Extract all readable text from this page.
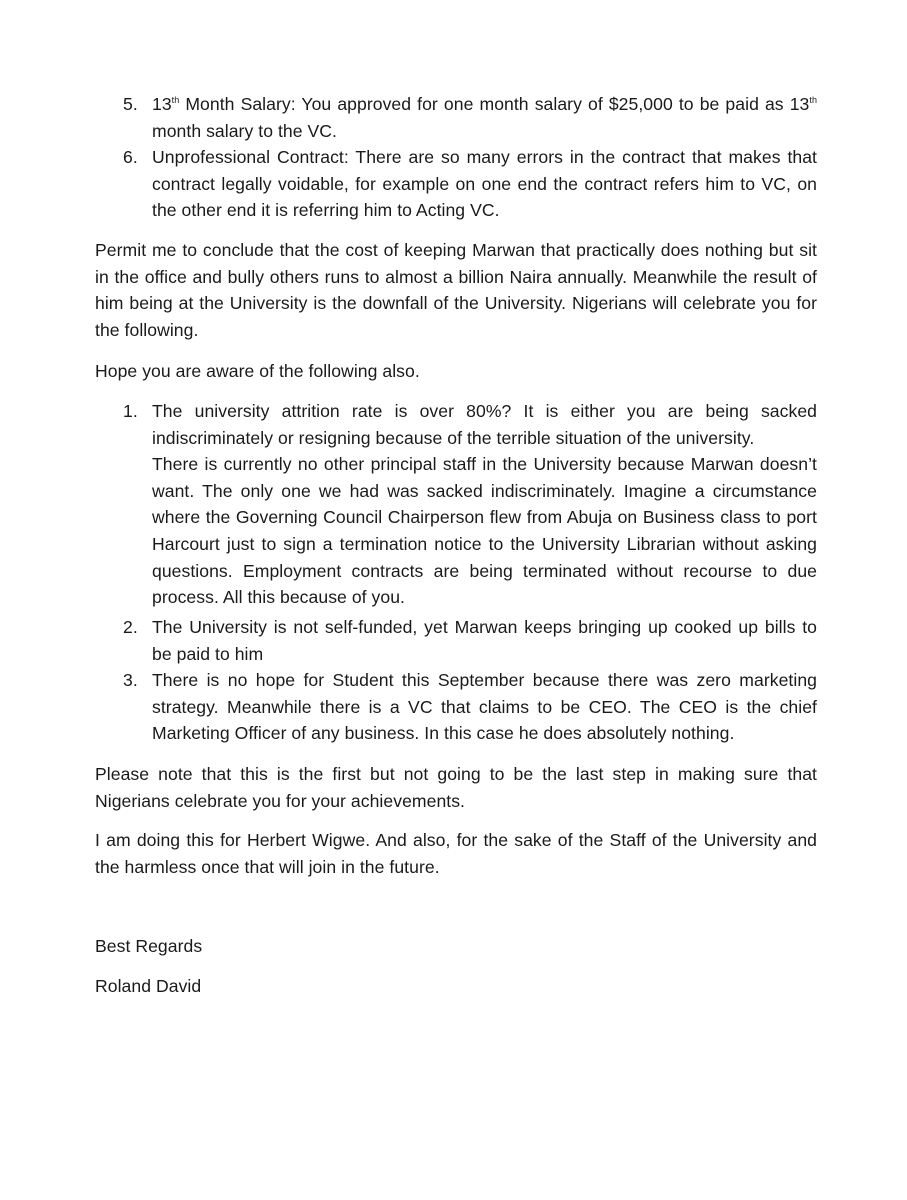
5. 13th Month Salary: You approved for one month salary of $25,000 to be paid as 13th month salary to the VC.
6. Unprofessional Contract: There are so many errors in the contract that makes that contract legally voidable, for example on one end the contract refers him to VC, on the other end it is referring him to Acting VC.
Permit me to conclude that the cost of keeping Marwan that practically does nothing but sit in the office and bully others runs to almost a billion Naira annually. Meanwhile the result of him being at the University is the downfall of the University. Nigerians will celebrate you for the following.
Hope you are aware of the following also.
1. The university attrition rate is over 80%? It is either you are being sacked indiscriminately or resigning because of the terrible situation of the university.
There is currently no other principal staff in the University because Marwan doesn’t want. The only one we had was sacked indiscriminately. Imagine a circumstance where the Governing Council Chairperson flew from Abuja on Business class to port Harcourt just to sign a termination notice to the University Librarian without asking questions. Employment contracts are being terminated without recourse to due process. All this because of you.
2. The University is not self-funded, yet Marwan keeps bringing up cooked up bills to be paid to him
3. There is no hope for Student this September because there was zero marketing strategy. Meanwhile there is a VC that claims to be CEO. The CEO is the chief Marketing Officer of any business. In this case he does absolutely nothing.
Please note that this is the first but not going to be the last step in making sure that Nigerians celebrate you for your achievements.
I am doing this for Herbert Wigwe. And also, for the sake of the Staff of the University and the harmless once that will join in the future.
Best Regards
Roland David
